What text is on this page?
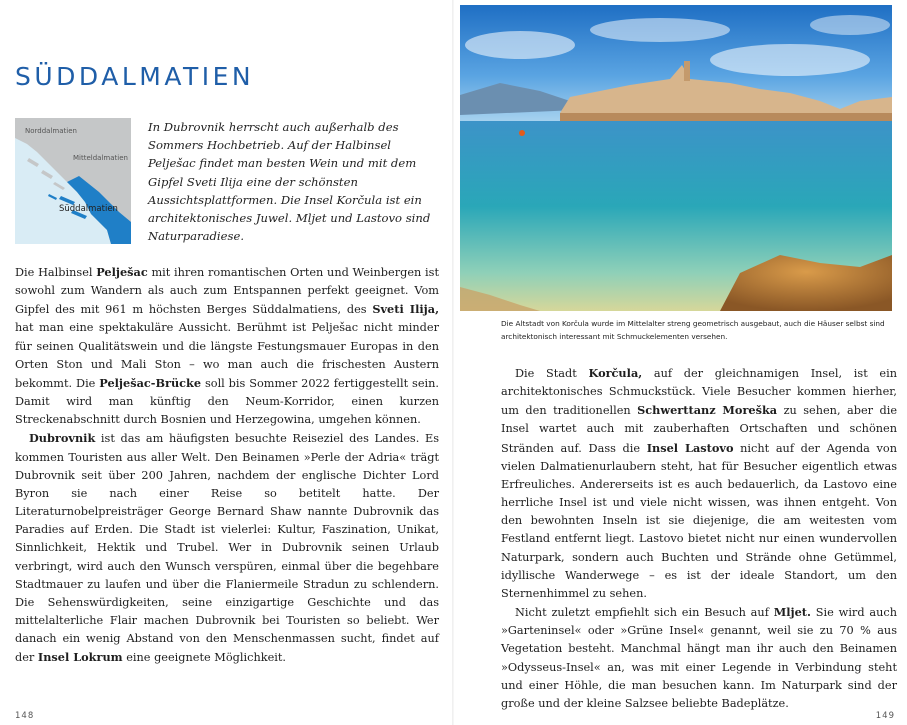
SÜDDALMATIEN
Norddalmatien
Mitteldalmatien
Süddalmatien

In Dubrovnik herrscht auch außerhalb des Sommers Hochbetrieb. Auf der Halbinsel Pelješac findet man besten Wein und mit dem Gipfel Sveti Ilija eine der schönsten Aussichtsplattformen. Die Insel Korčula ist ein architektonisches Juwel. Mljet und Lastovo sind Naturparadiese.

Die Halbinsel Pelješac mit ihren romantischen Orten und Weinbergen ist sowohl zum Wandern als auch zum Entspannen perfekt geeignet. Vom Gipfel des mit 961 m höchsten Berges Süddalmatiens, des Sveti Ilija, hat man eine spektakuläre Aussicht. Berühmt ist Pelješac nicht minder für seinen Qualitätswein und die längste Festungsmauer Europas in den Orten Ston und Mali Ston – wo man auch die frischesten Austern bekommt. Die Pelješac-Brücke soll bis Sommer 2022 fertiggestellt sein. Damit wird man künftig den Neum-Korridor, einen kurzen Streckenabschnitt durch Bosnien und Herzegowina, umgehen können.

Dubrovnik ist das am häufigsten besuchte Reiseziel des Landes. Es kommen Touristen aus aller Welt. Den Beinamen »Perle der Adria« trägt Dubrovnik seit über 200 Jahren, nachdem der englische Dichter Lord Byron sie nach einer Reise so betitelt hatte. Der Literaturnobelpreisträger George Bernard Shaw nannte Dubrovnik das Paradies auf Erden. Die Stadt ist vielerlei: Kultur, Faszination, Unikat, Sinnlichkeit, Hektik und Trubel. Wer in Dubrovnik seinen Urlaub verbringt, wird auch den Wunsch verspüren, einmal über die begehbare Stadtmauer zu laufen und über die Flaniermeile Stradun zu schlendern. Die Sehenswürdigkeiten, seine einzigartige Geschichte und das mittelalterliche Flair machen Dubrovnik bei Touristen so beliebt. Wer danach ein wenig Abstand von den Menschenmassen sucht, findet auf der Insel Lokrum eine geeignete Möglichkeit.

148

Die Altstadt von Korčula wurde im Mittelalter streng geometrisch ausgebaut, auch die Häuser selbst sind architektonisch interessant mit Schmuckelementen versehen.

Die Stadt Korčula, auf der gleichnamigen Insel, ist ein architektonisches Schmuckstück. Viele Besucher kommen hierher, um den traditionellen Schwerttanz Moreška zu sehen, aber die Insel wartet auch mit zauberhaften Ortschaften und schönen Stränden auf. Dass die Insel Lastovo nicht auf der Agenda von vielen Dalmatienurlaubern steht, hat für Besucher eigentlich etwas Erfreuliches. Andererseits ist es auch bedauerlich, da Lastovo eine herrliche Insel ist und viele nicht wissen, was ihnen entgeht. Von den bewohnten Inseln ist sie diejenige, die am weitesten vom Festland entfernt liegt. Lastovo bietet nicht nur einen wundervollen Naturpark, sondern auch Buchten und Strände ohne Getümmel, idyllische Wanderwege – es ist der ideale Standort, um den Sternenhimmel zu sehen.

Nicht zuletzt empfiehlt sich ein Besuch auf Mljet. Sie wird auch »Garteninsel« oder »Grüne Insel« genannt, weil sie zu 70 % aus Vegetation besteht. Manchmal hängt man ihr auch den Beinamen »Odysseus-Insel« an, was mit einer Legende in Verbindung steht und einer Höhle, die man besuchen kann. Im Naturpark sind der große und der kleine Salzsee beliebte Badeplätze.

149
